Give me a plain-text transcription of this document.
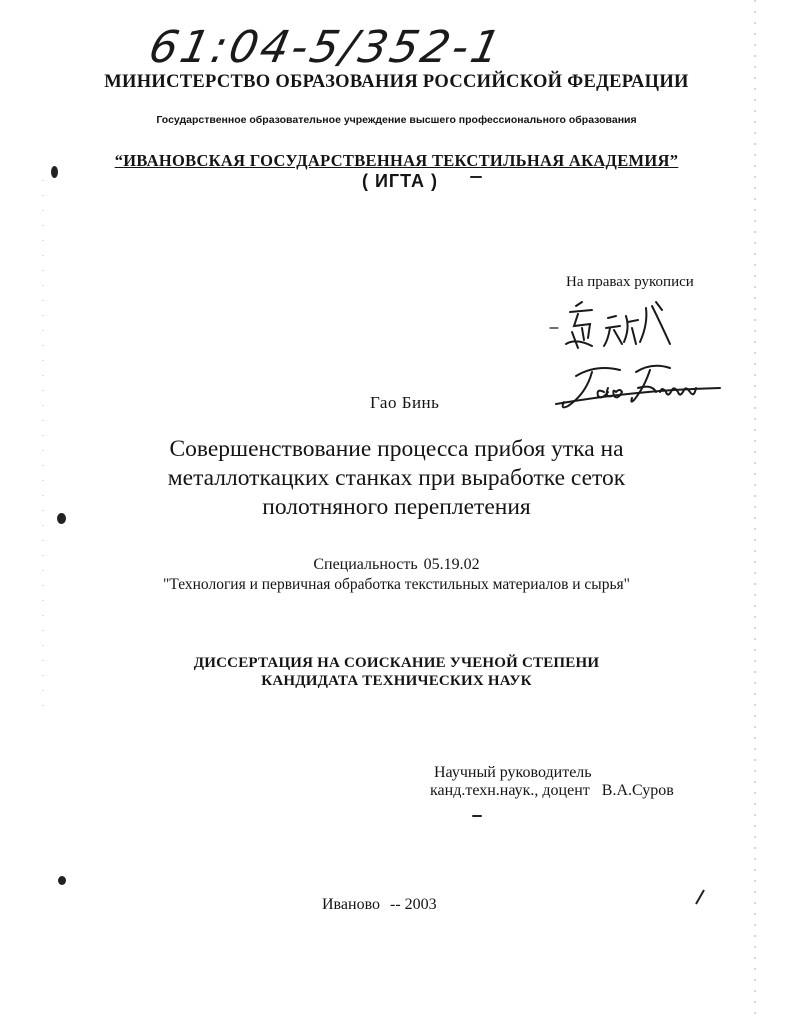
61:04-5/352-1
МИНИСТЕРСТВО ОБРАЗОВАНИЯ РОССИЙСКОЙ ФЕДЕРАЦИИ
Государственное образовательное учреждение высшего профессионального образования
“ИВАНОВСКАЯ ГОСУДАРСТВЕННАЯ ТЕКСТИЛЬНАЯ АКАДЕМИЯ”
( ИГТА )
На правах рукописи
Гао Бинь
Совершенствование процесса прибоя утка на
металлоткацких станках при выработке сеток
полотняного переплетения
Специальность 05.19.02
"Технология и первичная обработка текстильных материалов и сырья"
ДИССЕРТАЦИЯ НА СОИСКАНИЕ УЧЕНОЙ СТЕПЕНИ
КАНДИДАТА ТЕХНИЧЕСКИХ НАУК
Научный руководитель
канд.техн.наук., доцент В.А.Суров
Иваново -- 2003
